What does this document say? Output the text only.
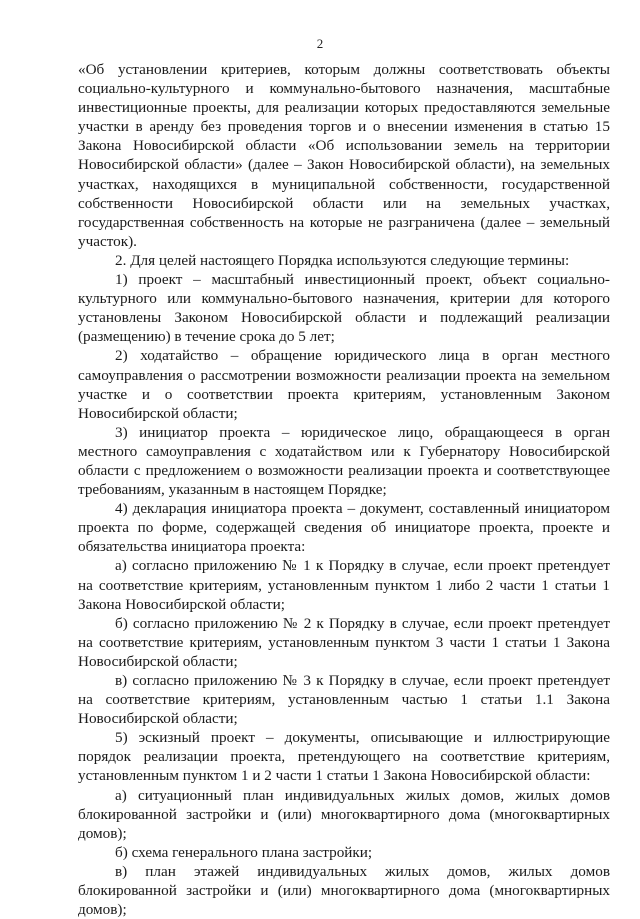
2

«Об установлении критериев, которым должны соответствовать объекты социально-культурного и коммунально-бытового назначения, масштабные инвестиционные проекты, для реализации которых предоставляются земельные участки в аренду без проведения торгов и о внесении изменения в статью 15 Закона Новосибирской области «Об использовании земель на территории Новосибирской области» (далее – Закон Новосибирской области), на земельных участках, находящихся в муниципальной собственности, государственной собственности Новосибирской области или на земельных участках, государственная собственность на которые не разграничена (далее – земельный участок).

2. Для целей настоящего Порядка используются следующие термины:

1) проект – масштабный инвестиционный проект, объект социально-культурного или коммунально-бытового назначения, критерии для которого установлены Законом Новосибирской области и подлежащий реализации (размещению) в течение срока до 5 лет;

2) ходатайство – обращение юридического лица в орган местного самоуправления о рассмотрении возможности реализации проекта на земельном участке и о соответствии проекта критериям, установленным Законом Новосибирской области;

3) инициатор проекта – юридическое лицо, обращающееся в орган местного самоуправления с ходатайством или к Губернатору Новосибирской области с предложением о возможности реализации проекта и соответствующее требованиям, указанным в настоящем Порядке;

4) декларация инициатора проекта – документ, составленный инициатором проекта по форме, содержащей сведения об инициаторе проекта, проекте и обязательства инициатора проекта:

а) согласно приложению № 1 к Порядку в случае, если проект претендует на соответствие критериям, установленным пунктом 1 либо 2 части 1 статьи 1 Закона Новосибирской области;

б) согласно приложению № 2 к Порядку в случае, если проект претендует на соответствие критериям, установленным пунктом 3 части 1 статьи 1 Закона Новосибирской области;

в) согласно приложению № 3 к Порядку в случае, если проект претендует на соответствие критериям, установленным частью 1 статьи 1.1 Закона Новосибирской области;

5) эскизный проект – документы, описывающие и иллюстрирующие порядок реализации проекта, претендующего на соответствие критериям, установленным пунктом 1 и 2 части 1 статьи 1 Закона Новосибирской области:

а) ситуационный план индивидуальных жилых домов, жилых домов блокированной застройки и (или) многоквартирного дома (многоквартирных домов);

б) схема генерального плана застройки;

в) план этажей индивидуальных жилых домов, жилых домов блокированной застройки и (или) многоквартирного дома (многоквартирных домов);
